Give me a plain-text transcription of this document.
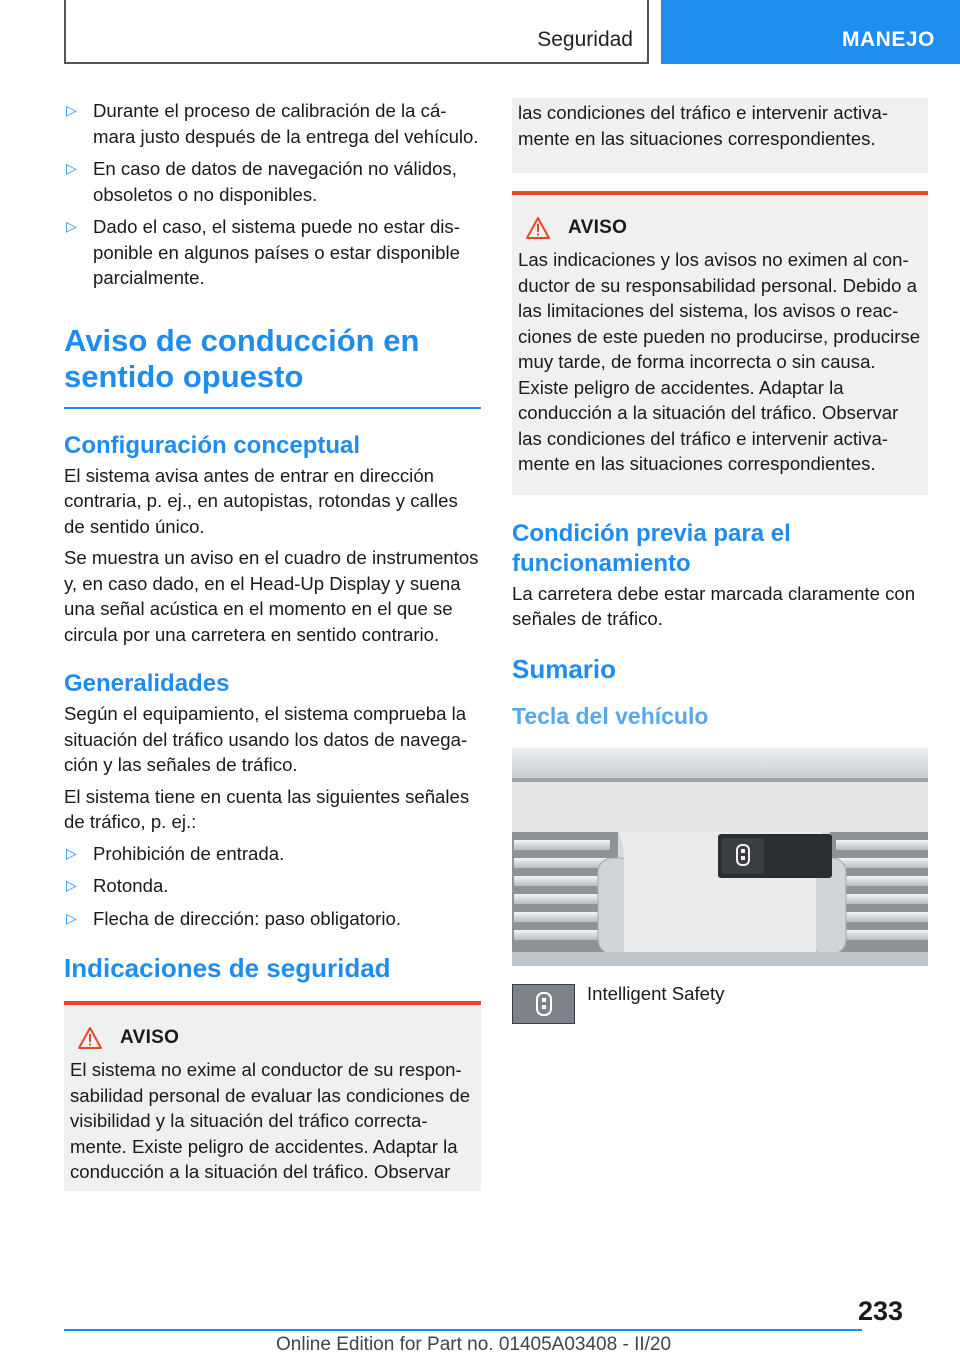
Seguridad	MANEJO
▷ Durante el proceso de calibración de la cámara justo después de la entrega del vehículo.
▷ En caso de datos de navegación no válidos, obsoletos o no disponibles.
▷ Dado el caso, el sistema puede no estar disponible en algunos países o estar disponible parcialmente.
Aviso de conducción en sentido opuesto
Configuración conceptual

El sistema avisa antes de entrar en dirección contraria, p. ej., en autopistas, rotondas y calles de sentido único.

Se muestra un aviso en el cuadro de instrumentos y, en caso dado, en el Head-Up Display y suena una señal acústica en el momento en el que se circula por una carretera en sentido contrario.

Generalidades

Según el equipamiento, el sistema comprueba la situación del tráfico usando los datos de navegación y las señales de tráfico.

El sistema tiene en cuenta las siguientes señales de tráfico, p. ej.:

▷ Prohibición de entrada.
▷ Rotonda.
▷ Flecha de dirección: paso obligatorio.
Indicaciones de seguridad
AVISO

El sistema no exime al conductor de su responsabilidad personal de evaluar las condiciones de visibilidad y la situación del tráfico correctamente. Existe peligro de accidentes. Adaptar la conducción a la situación del tráfico. Observar

las condiciones del tráfico e intervenir activamente en las situaciones correspondientes.

AVISO

Las indicaciones y los avisos no eximen al conductor de su responsabilidad personal. Debido a las limitaciones del sistema, los avisos o reacciones de este pueden no producirse, producirse muy tarde, de forma incorrecta o sin causa. Existe peligro de accidentes. Adaptar la conducción a la situación del tráfico. Observar las condiciones del tráfico e intervenir activamente en las situaciones correspondientes.

Condición previa para el funcionamiento

La carretera debe estar marcada claramente con señales de tráfico.

Sumario
Tecla del vehículo
Intelligent Safety
233
Online Edition for Part no. 01405A03408 - II/20
